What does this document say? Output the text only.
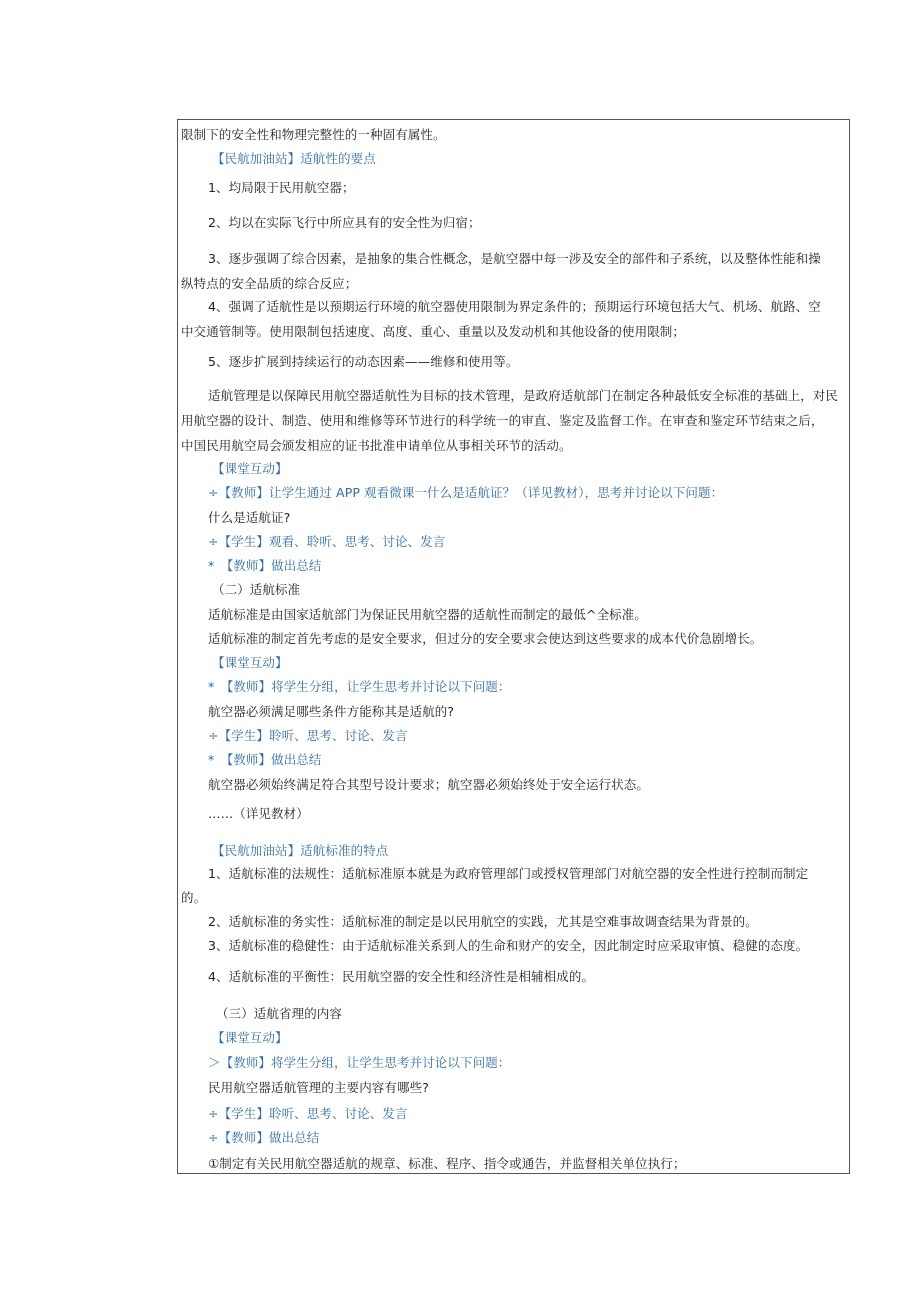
限制下的安全性和物理完整性的一种固有属性。
【民航加油站】适航性的要点
1、均局限于民用航空器；
2、均以在实际飞行中所应具有的安全性为归宿；
3、逐步强调了综合因素，是抽象的集合性概念，是航空器中每一涉及安全的部件和子系统，以及整体性能和操
纵特点的安全品质的综合反应；
4、强调了适航性是以预期运行环境的航空器使用限制为界定条件的；预期运行环境包括大气、机场、航路、空
中交通管制等。使用限制包括速度、高度、重心、重量以及发动机和其他设备的使用限制；
5、逐步扩展到持续运行的动态因素——维修和使用等。
适航管理是以保障民用航空器适航性为目标的技术管理，是政府适航部门在制定各种最低安全标准的基础上，对民
用航空器的设计、制造、使用和维修等环节进行的科学统一的审直、鉴定及监督工作。在审查和鉴定环节结束之后，
中国民用航空局会颁发相应的证书批准申请单位从事相关环节的活动。
【课堂互动】
÷【教师】让学生通过 APP 观看微课一什么是适航证？（详见教材），思考并讨论以下问题：
什么是适航证?
÷【学生】观看、聆听、思考、讨论、发言
*　【教师】做出总结
（二）适航标准
适航标准是由国家适航部门为保证民用航空器的适航性而制定的最低^全标准。
适航标准的制定首先考虑的是安全要求，但过分的安全要求会使达到这些要求的成本代价急剧增长。
【课堂互动】
*　【教师】将学生分组，让学生思考并讨论以下问题：
航空器必须满足哪些条件方能称其是适航的?
÷【学生】聆听、思考、讨论、发言
*　【教师】做出总结
航空器必须始终满足符合其型号设计要求；航空器必须始终处于安全运行状态。
……（详见教材）
【民航加油站】适航标准的特点
1、适航标准的法规性：适航标准原本就是为政府管理部门或授权管理部门对航空器的安全性进行控制而制定
的。
2、适航标准的务实性：适航标准的制定是以民用航空的实践，尤其是空难事故调查结果为背景的。
3、适航标准的稳健性：由于适航标准关系到人的生命和财产的安全，因此制定时应采取审慎、稳健的态度。
4、适航标准的平衡性：民用航空器的安全性和经济性是相辅相成的。
（三）适航省理的内容
【课堂互动】
＞【教师】将学生分组，让学生思考并讨论以下问题：
民用航空器适航管理的主要内容有哪些?
÷【学生】聆听、思考、讨论、发言
÷【教师】做出总结
①制定有关民用航空器适航的规章、标准、程序、指令或通告，并监督相关单位执行；
